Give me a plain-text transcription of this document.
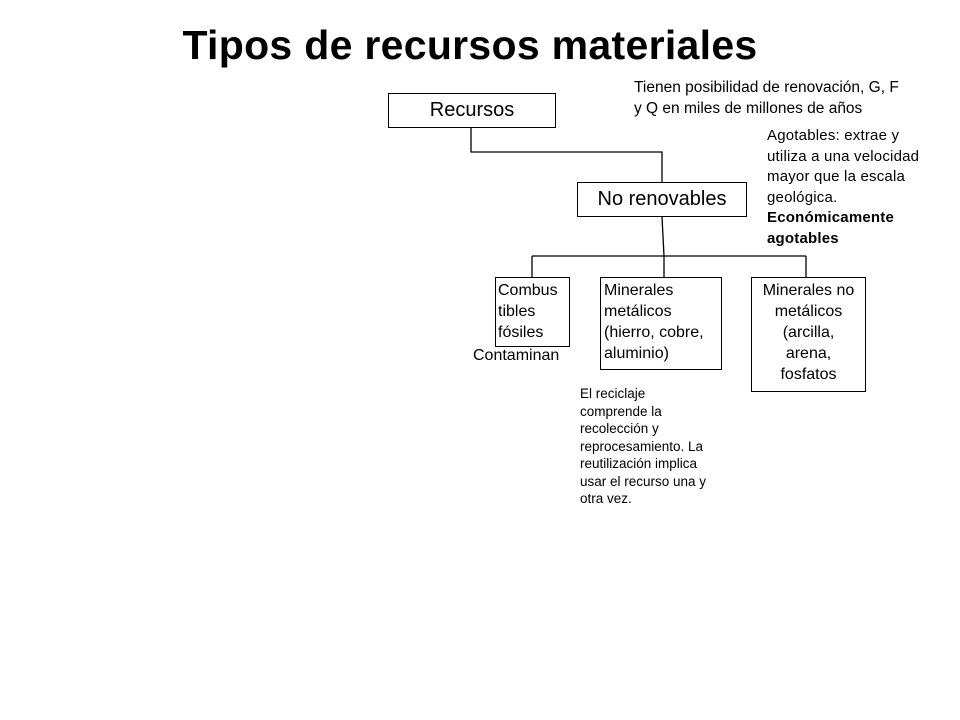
Tipos de recursos materiales
Recursos
No renovables
Combus
tibles
fósiles
Minerales
metálicos
(hierro, cobre,
aluminio)
Minerales no
metálicos
(arcilla,
arena,
fosfatos
Contaminan
Tienen posibilidad de renovación, G, F
y Q en miles de millones de años
Agotables: extrae y
utiliza a una velocidad
mayor que la escala
geológica.
Económicamente
agotables
El reciclaje
comprende la
recolección y
reprocesamiento. La
reutilización implica
usar el recurso una y
otra vez.
